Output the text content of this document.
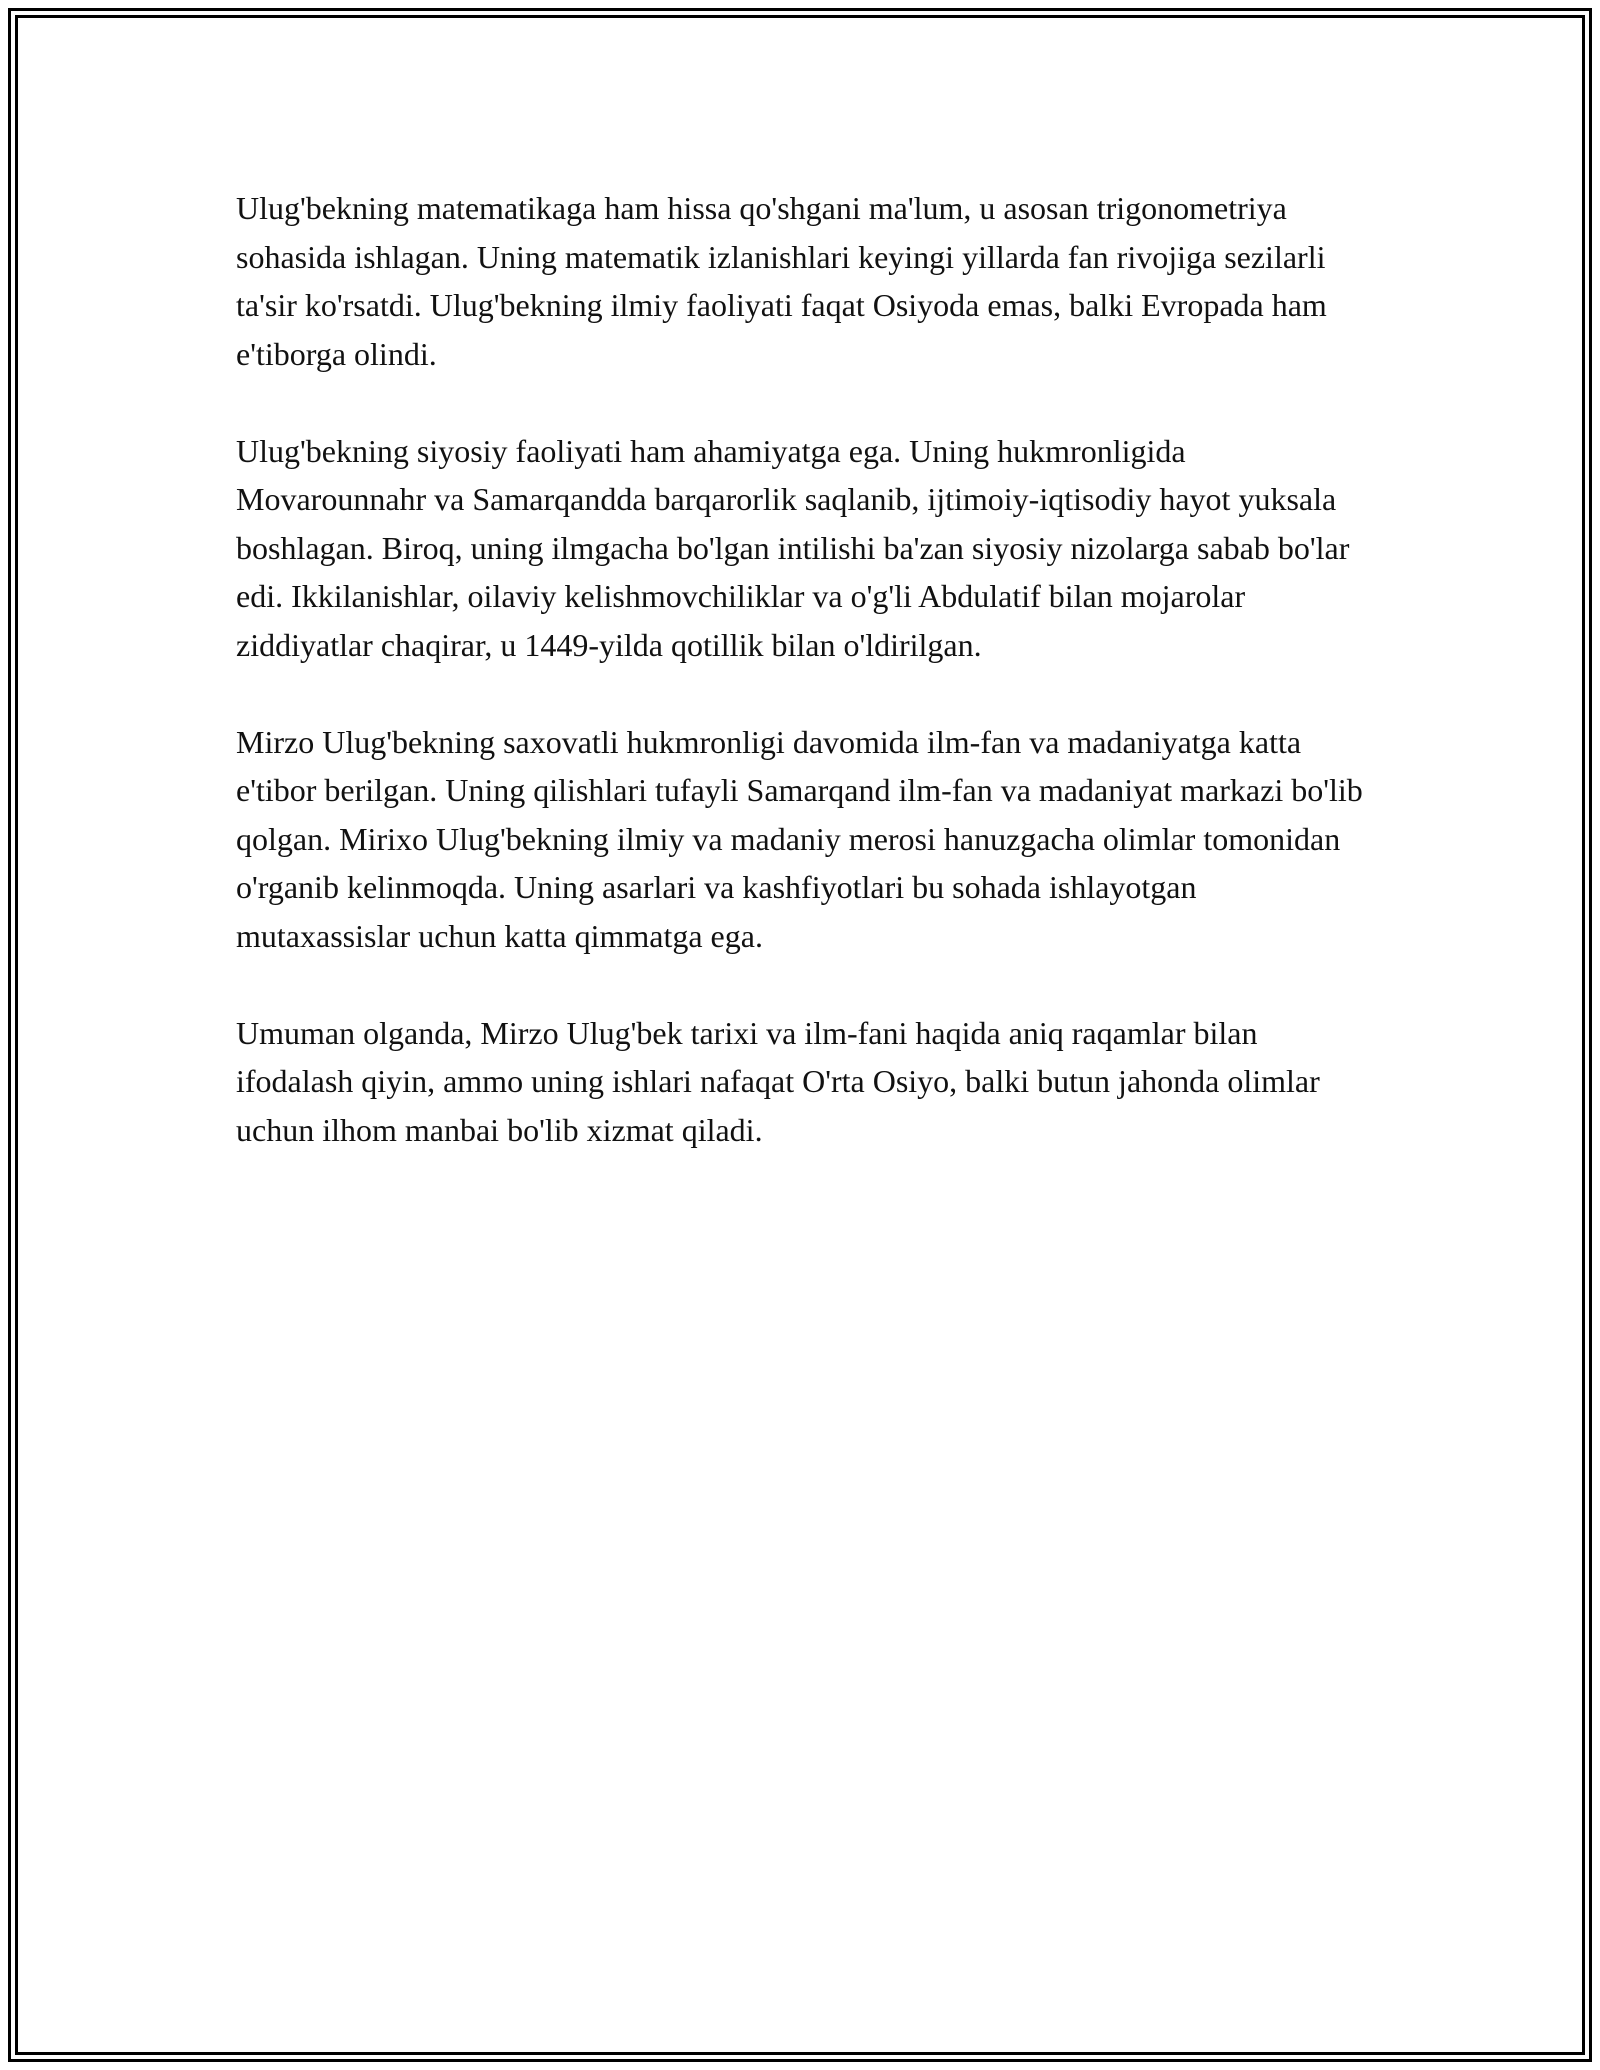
Ulug'bekning matematikaga ham hissa qo'shgani ma'lum, u asosan trigonometriya sohasida ishlagan. Uning matematik izlanishlari keyingi yillarda fan rivojiga sezilarli ta'sir ko'rsatdi. Ulug'bekning ilmiy faoliyati faqat Osiyoda emas, balki Evropada ham e'tiborga olindi.

Ulug'bekning siyosiy faoliyati ham ahamiyatga ega. Uning hukmronligida Movarounnahr va Samarqandda barqarorlik saqlanib, ijtimoiy-iqtisodiy hayot yuksala boshlagan. Biroq, uning ilmgacha bo'lgan intilishi ba'zan siyosiy nizolarga sabab bo'lar edi. Ikkilanishlar, oilaviy kelishmovchiliklar va o'g'li Abdulatif bilan mojarolar ziddiyatlar chaqirar, u 1449-yilda qotillik bilan o'ldirilgan.

Mirzo Ulug'bekning saxovatli hukmronligi davomida ilm-fan va madaniyatga katta e'tibor berilgan. Uning qilishlari tufayli Samarqand ilm-fan va madaniyat markazi bo'lib qolgan. Mirixo Ulug'bekning ilmiy va madaniy merosi hanuzgacha olimlar tomonidan o'rganib kelinmoqda. Uning asarlari va kashfiyotlari bu sohada ishlayotgan mutaxassislar uchun katta qimmatga ega.

Umuman olganda, Mirzo Ulug'bek tarixi va ilm-fani haqida aniq raqamlar bilan ifodalash qiyin, ammo uning ishlari nafaqat O'rta Osiyo, balki butun jahonda olimlar uchun ilhom manbai bo'lib xizmat qiladi.
